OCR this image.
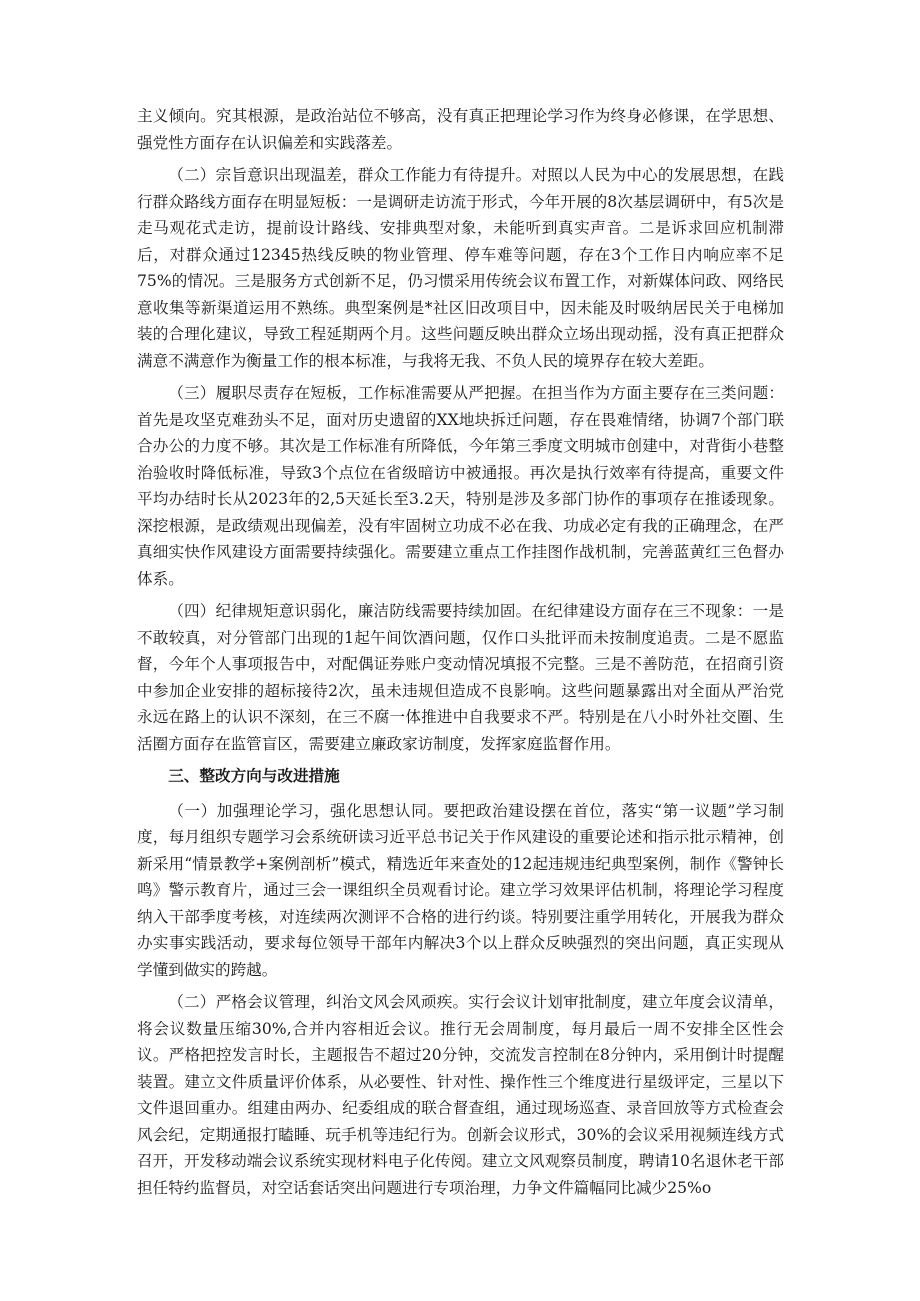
主义倾向。究其根源，是政治站位不够高，没有真正把理论学习作为终身必修课，在学思想、强党性方面存在认识偏差和实践落差。

（二）宗旨意识出现温差，群众工作能力有待提升。对照以人民为中心的发展思想，在践行群众路线方面存在明显短板：一是调研走访流于形式，今年开展的8次基层调研中，有5次是走马观花式走访，提前设计路线、安排典型对象，未能听到真实声音。二是诉求回应机制滞后，对群众通过12345热线反映的物业管理、停车难等问题，存在3个工作日内响应率不足75%的情况。三是服务方式创新不足，仍习惯采用传统会议布置工作，对新媒体问政、网络民意收集等新渠道运用不熟练。典型案例是*社区旧改项目中，因未能及时吸纳居民关于电梯加装的合理化建议，导致工程延期两个月。这些问题反映出群众立场出现动摇，没有真正把群众满意不满意作为衡量工作的根本标准，与我将无我、不负人民的境界存在较大差距。

（三）履职尽责存在短板，工作标准需要从严把握。在担当作为方面主要存在三类问题：首先是攻坚克难劲头不足，面对历史遗留的XX地块拆迁问题，存在畏难情绪，协调7个部门联合办公的力度不够。其次是工作标准有所降低，今年第三季度文明城市创建中，对背街小巷整治验收时降低标准，导致3个点位在省级暗访中被通报。再次是执行效率有待提高，重要文件平均办结时长从2023年的2,5天延长至3.2天，特别是涉及多部门协作的事项存在推诿现象。深挖根源，是政绩观出现偏差，没有牢固树立功成不必在我、功成必定有我的正确理念，在严真细实快作风建设方面需要持续强化。需要建立重点工作挂图作战机制，完善蓝黄红三色督办体系。

（四）纪律规矩意识弱化，廉洁防线需要持续加固。在纪律建设方面存在三不现象：一是不敢较真，对分管部门出现的1起午间饮酒问题，仅作口头批评而未按制度追责。二是不愿监督，今年个人事项报告中，对配偶证券账户变动情况填报不完整。三是不善防范，在招商引资中参加企业安排的超标接待2次，虽未违规但造成不良影响。这些问题暴露出对全面从严治党永远在路上的认识不深刻，在三不腐一体推进中自我要求不严。特别是在八小时外社交圈、生活圈方面存在监管盲区，需要建立廉政家访制度，发挥家庭监督作用。

三、整改方向与改进措施

（一）加强理论学习，强化思想认同。要把政治建设摆在首位，落实“第一议题”学习制度，每月组织专题学习会系统研读习近平总书记关于作风建设的重要论述和指示批示精神，创新采用“情景教学+案例剖析”模式，精选近年来查处的12起违规违纪典型案例，制作《警钟长鸣》警示教育片，通过三会一课组织全员观看讨论。建立学习效果评估机制，将理论学习程度纳入干部季度考核，对连续两次测评不合格的进行约谈。特别要注重学用转化，开展我为群众办实事实践活动，要求每位领导干部年内解决3个以上群众反映强烈的突出问题，真正实现从学懂到做实的跨越。

（二）严格会议管理，纠治文风会风顽疾。实行会议计划审批制度，建立年度会议清单，将会议数量压缩30%,合并内容相近会议。推行无会周制度，每月最后一周不安排全区性会议。严格把控发言时长，主题报告不超过20分钟，交流发言控制在8分钟内，采用倒计时提醒装置。建立文件质量评价体系，从必要性、针对性、操作性三个维度进行星级评定，三星以下文件退回重办。组建由两办、纪委组成的联合督查组，通过现场巡查、录音回放等方式检查会风会纪，定期通报打瞌睡、玩手机等违纪行为。创新会议形式，30%的会议采用视频连线方式召开，开发移动端会议系统实现材料电子化传阅。建立文风观察员制度，聘请10名退休老干部担任特约监督员，对空话套话突出问题进行专项治理，力争文件篇幅同比减少25%o
